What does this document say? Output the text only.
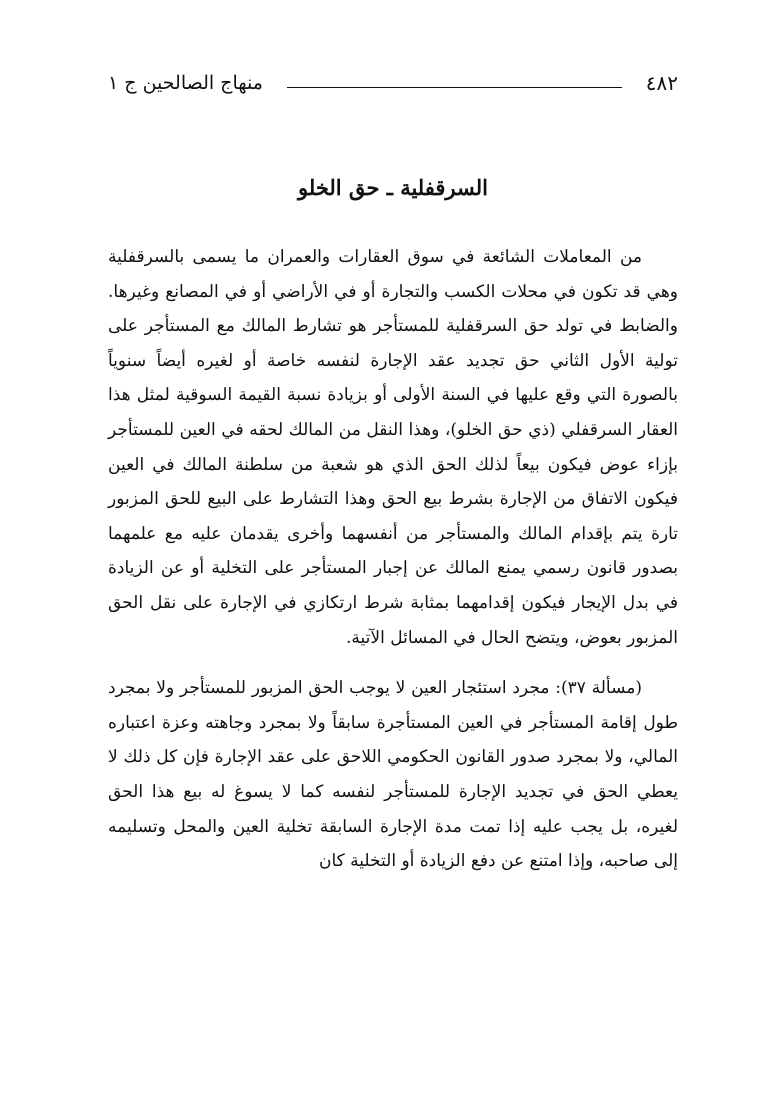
٤٨٢
منهاج الصالحين ج ١
السرقفلية ـ حق الخلو

من المعاملات الشائعة في سوق العقارات والعمران ما يسمى بالسرقفلية وهي قد تكون في محلات الكسب والتجارة أو في الأراضي أو في المصانع وغيرها. والضابط في تولد حق السرقفلية للمستأجر هو تشارط المالك مع المستأجر على تولية الأول الثاني حق تجديد عقد الإجارة لنفسه خاصة أو لغيره أيضاً سنوياً بالصورة التي وقع عليها في السنة الأولى أو بزيادة نسبة القيمة السوقية لمثل هذا العقار السرقفلي (ذي حق الخلو)، وهذا النقل من المالك لحقه في العين للمستأجر بإزاء عوض فيكون بيعاً لذلك الحق الذي هو شعبة من سلطنة المالك في العين فيكون الاتفاق من الإجارة بشرط بيع الحق وهذا التشارط على البيع للحق المزبور تارة يتم بإقدام المالك والمستأجر من أنفسهما وأخرى يقدمان عليه مع علمهما بصدور قانون رسمي يمنع المالك عن إجبار المستأجر على التخلية أو عن الزيادة في بدل الإيجار فيكون إقدامهما بمثابة شرط ارتكازي في الإجارة على نقل الحق المزبور بعوض، ويتضح الحال في المسائل الآتية.

(مسألة ٣٧): مجرد استئجار العين لا يوجب الحق المزبور للمستأجر ولا بمجرد طول إقامة المستأجر في العين المستأجرة سابقاً ولا بمجرد وجاهته وعزة اعتباره المالي، ولا بمجرد صدور القانون الحكومي اللاحق على عقد الإجارة فإن كل ذلك لا يعطي الحق في تجديد الإجارة للمستأجر لنفسه كما لا يسوغ له بيع هذا الحق لغيره، بل يجب عليه إذا تمت مدة الإجارة السابقة تخلية العين والمحل وتسليمه إلى صاحبه، وإذا امتنع عن دفع الزيادة أو التخلية كان
